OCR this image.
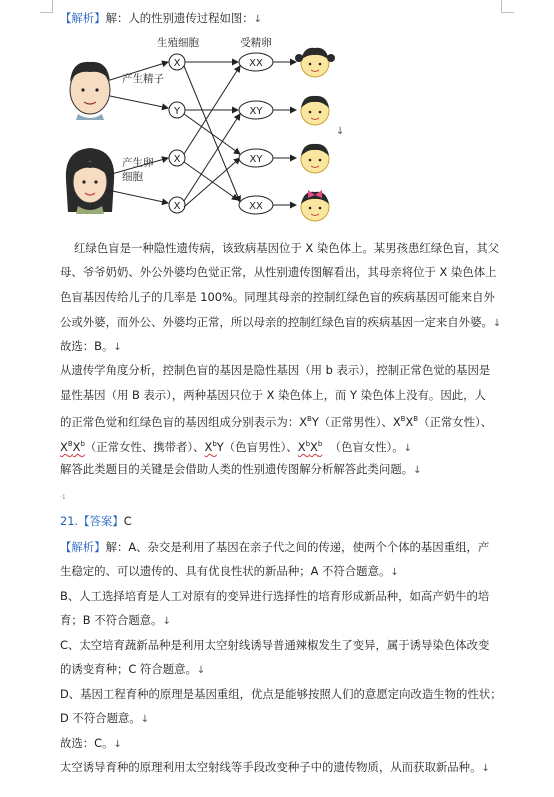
【解析】解：人的性别遗传过程如图：↓
生殖细胞	受精卵
产生精子
产生卵
细胞
X
Y
X
X
XX
XY
XY
XX
↓
红绿色盲是一种隐性遗传病，该致病基因位于 X 染色体上。某男孩患红绿色盲，其父
母、爷爷奶奶、外公外婆均色觉正常，从性别遗传图解看出，其母亲将位于 X 染色体上
色盲基因传给儿子的几率是 100%。同理其母亲的控制红绿色盲的疾病基因可能来自外
公或外婆，而外公、外婆均正常，所以母亲的控制红绿色盲的疾病基因一定来自外婆。↓
故选：B。↓
从遗传学角度分析，控制色盲的基因是隐性基因（用 b 表示），控制正常色觉的基因是
显性基因（用 B 表示），两种基因只位于 X 染色体上，而 Y 染色体上没有。因此，人
的正常色觉和红绿色盲的基因组成分别表示为：$X^BY$（正常男性）、$X^BX^B$（正常女性）、
$X^BX^b$（正常女性、携带者）、$X^bY$（色盲男性）、$X^bX^b$ （色盲女性）。↓
解答此类题目的关键是会借助人类的性别遗传图解分析解答此类问题。↓
·1
21.【答案】C
【解析】解：A、杂交是利用了基因在亲子代之间的传递，使两个个体的基因重组，产
生稳定的、可以遗传的、具有优良性状的新品种；A 不符合题意。↓
B、人工选择培育是人工对原有的变异进行选择性的培育形成新品种，如高产奶牛的培
育；B 不符合题意。↓
C、太空培育蔬新品种是利用太空射线诱导普通辣椒发生了变异，属于诱导染色体改变
的诱变育种；C 符合题意。↓
D、基因工程育种的原理是基因重组，优点是能够按照人们的意愿定向改造生物的性状；
D 不符合题意。↓
故选：C。↓
太空诱导育种的原理利用太空射线等手段改变种子中的遗传物质，从而获取新品种。↓
